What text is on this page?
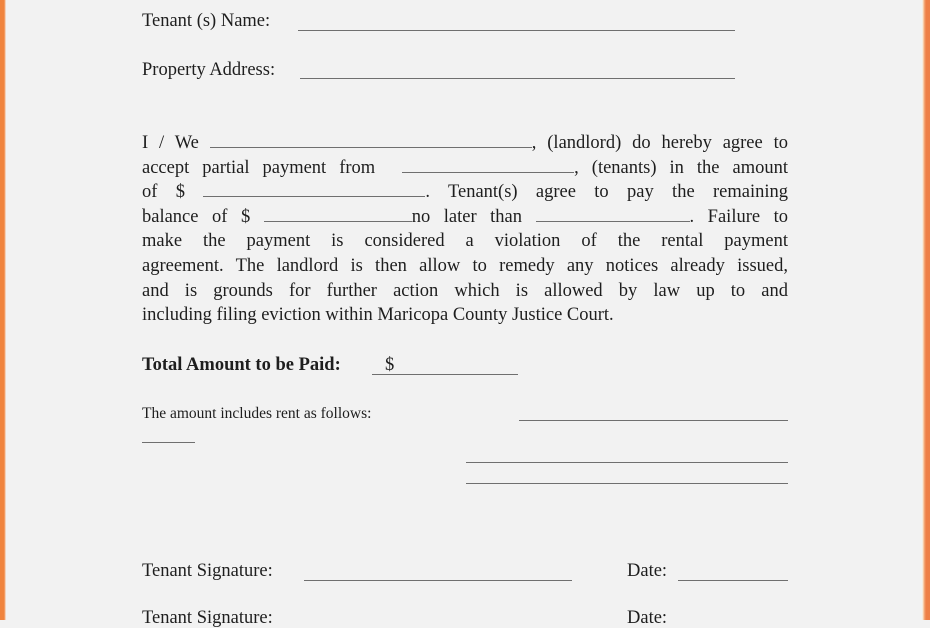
Tenant (s) Name:
Property Address:
I / We	, (landlord) do hereby agree to
accept partial payment from	, (tenants) in the amount
of $	. Tenant(s) agree to pay the remaining
balance of $	no later than	. Failure to
make the payment is considered a violation of the rental payment
agreement. The landlord is then allow to remedy any notices already issued,
and is grounds for further action which is allowed by law up to and
including filing eviction within Maricopa County Justice Court.
Total Amount to be Paid: $
The amount includes rent as follows:
Tenant Signature:	Date:
Tenant Signature:	Date:
